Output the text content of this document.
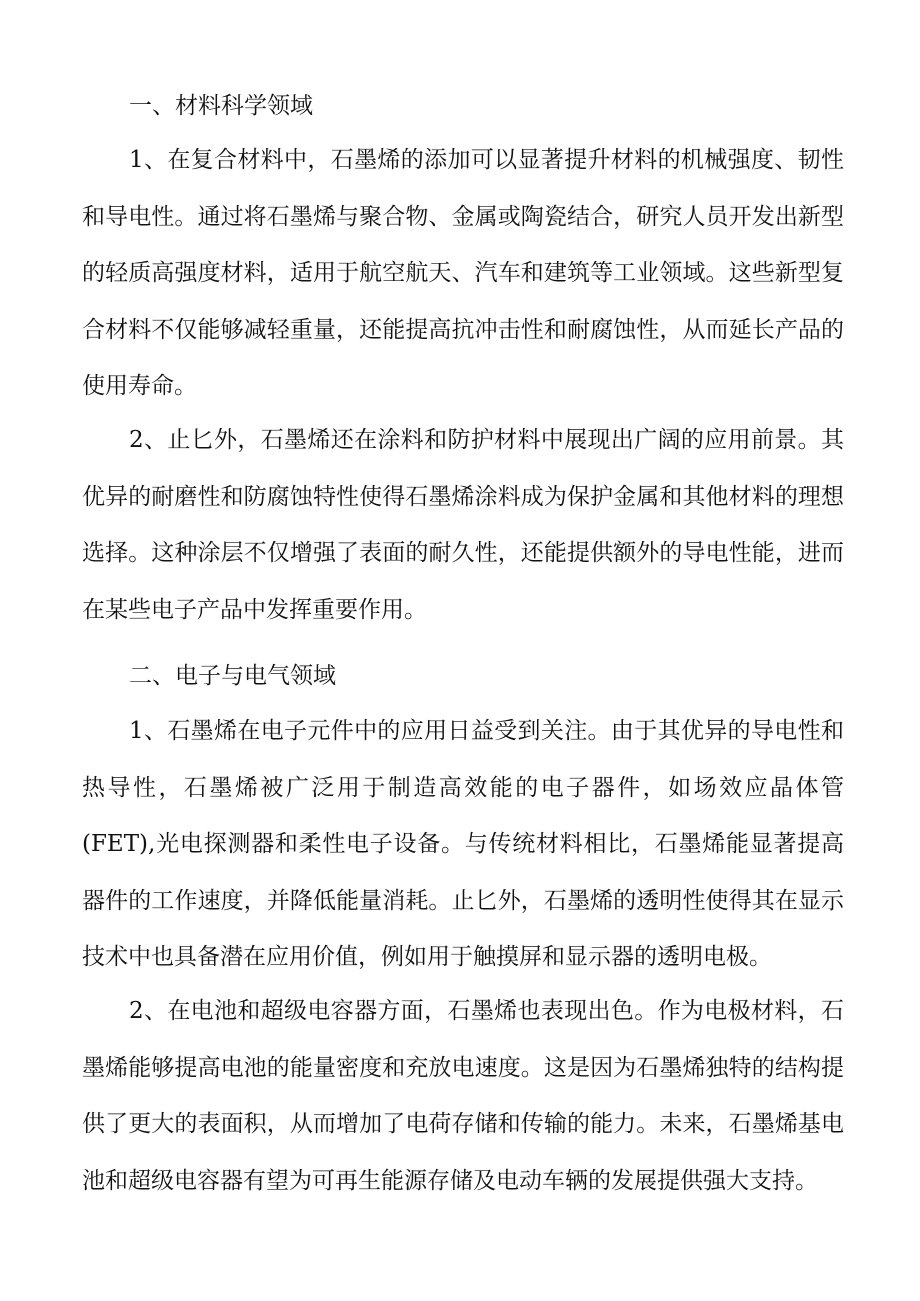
一、材料科学领域

1、在复合材料中，石墨烯的添加可以显著提升材料的机械强度、韧性和导电性。通过将石墨烯与聚合物、金属或陶瓷结合，研究人员开发出新型的轻质高强度材料，适用于航空航天、汽车和建筑等工业领域。这些新型复合材料不仅能够减轻重量，还能提高抗冲击性和耐腐蚀性，从而延长产品的使用寿命。

2、止匕外，石墨烯还在涂料和防护材料中展现出广阔的应用前景。其优异的耐磨性和防腐蚀特性使得石墨烯涂料成为保护金属和其他材料的理想选择。这种涂层不仅增强了表面的耐久性，还能提供额外的导电性能，进而在某些电子产品中发挥重要作用。

二、电子与电气领域

1、石墨烯在电子元件中的应用日益受到关注。由于其优异的导电性和热导性，石墨烯被广泛用于制造高效能的电子器件，如场效应晶体管(FET),光电探测器和柔性电子设备。与传统材料相比，石墨烯能显著提高器件的工作速度，并降低能量消耗。止匕外，石墨烯的透明性使得其在显示技术中也具备潜在应用价值，例如用于触摸屏和显示器的透明电极。

2、在电池和超级电容器方面，石墨烯也表现出色。作为电极材料，石墨烯能够提高电池的能量密度和充放电速度。这是因为石墨烯独特的结构提供了更大的表面积，从而增加了电荷存储和传输的能力。未来，石墨烯基电池和超级电容器有望为可再生能源存储及电动车辆的发展提供强大支持。
